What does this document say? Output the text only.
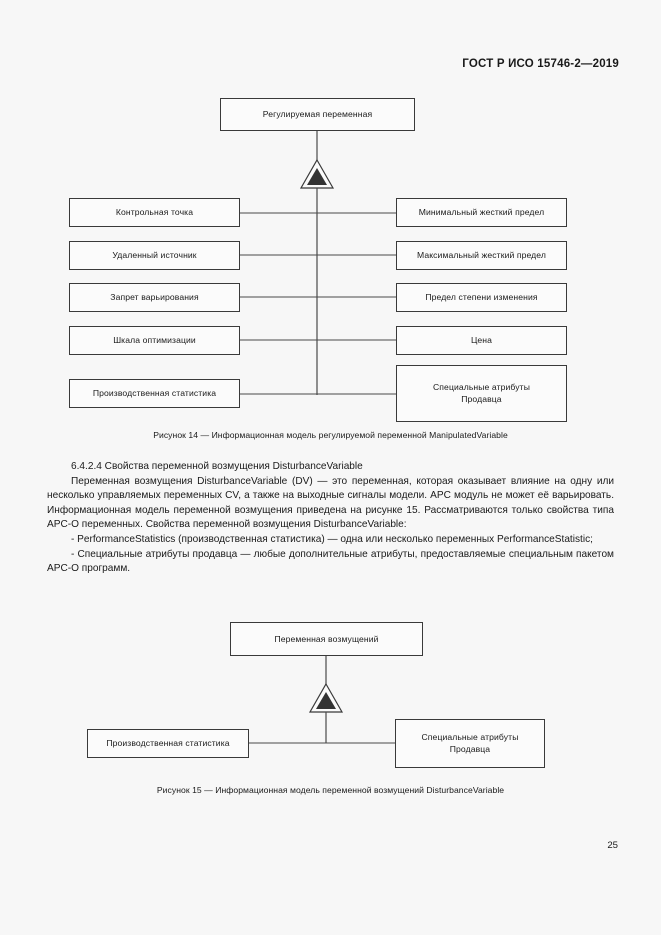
ГОСТ Р ИСО 15746-2—2019
Регулируемая переменная
Контрольная точка
Удаленный источник
Запрет варьирования
Шкала оптимизации
Производственная статистика
Минимальный жесткий предел
Максимальный жесткий предел
Предел степени изменения
Цена
Специальные атрибуты
Продавца
Рисунок 14 — Информационная модель регулируемой переменной ManipulatedVariable

6.4.2.4 Свойства переменной возмущения DisturbanceVariable

Переменная возмущения DisturbanceVariable (DV) — это переменная, которая оказывает влияние на одну или несколько управляемых переменных CV, а также на выходные сигналы модели. APC модуль не может её варьировать. Информационная модель переменной возмущения приведена на рисунке 15. Рассматриваются только свойства типа APC-O переменных. Свойства переменной возмущения DisturbanceVariable:

- PerformanceStatistics (производственная статистика) — одна или несколько переменных PerformanceStatistic;

- Специальные атрибуты продавца — любые дополнительные атрибуты, предоставляемые специальным пакетом APC-O программ.

Переменная возмущений
Производственная статистика
Специальные атрибуты
Продавца
Рисунок 15 — Информационная модель переменной возмущений DisturbanceVariable
25
